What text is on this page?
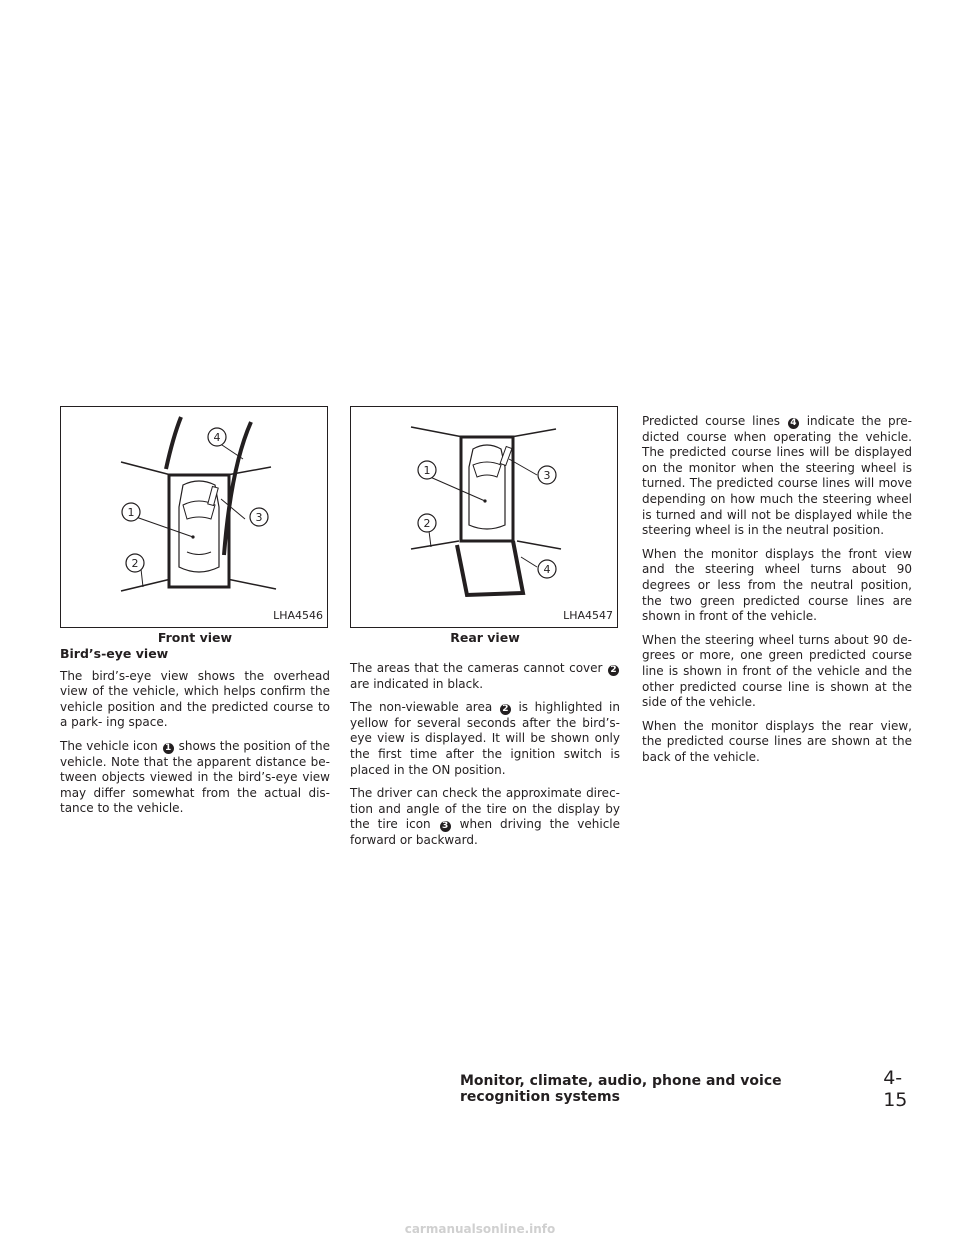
1
2
3
4
LHA4546
Front view
Bird’s-eye view

The bird’s-eye view shows the overhead view of the vehicle, which helps confirm the vehicle position and the predicted course to a park- ing space.

The vehicle icon 1 shows the position of the vehicle. Note that the apparent distance be- tween objects viewed in the bird’s-eye view may differ somewhat from the actual dis- tance to the vehicle.

1
2
3
4
LHA4547
Rear view

The areas that the cameras cannot cover 2 are indicated in black.

The non-viewable area 2 is highlighted in yellow for several seconds after the bird’s- eye view is displayed. It will be shown only the first time after the ignition switch is placed in the ON position.

The driver can check the approximate direc- tion and angle of the tire on the display by the tire icon 3 when driving the vehicle forward or backward.

Predicted course lines 4 indicate the pre- dicted course when operating the vehicle. The predicted course lines will be displayed on the monitor when the steering wheel is turned. The predicted course lines will move depending on how much the steering wheel is turned and will not be displayed while the steering wheel is in the neutral position.

When the monitor displays the front view and the steering wheel turns about 90 degrees or less from the neutral position, the two green predicted course lines are shown in front of the vehicle.

When the steering wheel turns about 90 de- grees or more, one green predicted course line is shown in front of the vehicle and the other predicted course line is shown at the side of the vehicle.

When the monitor displays the rear view, the predicted course lines are shown at the back of the vehicle.

Monitor, climate, audio, phone and voice recognition systems
4-15
carmanualsonline.info
